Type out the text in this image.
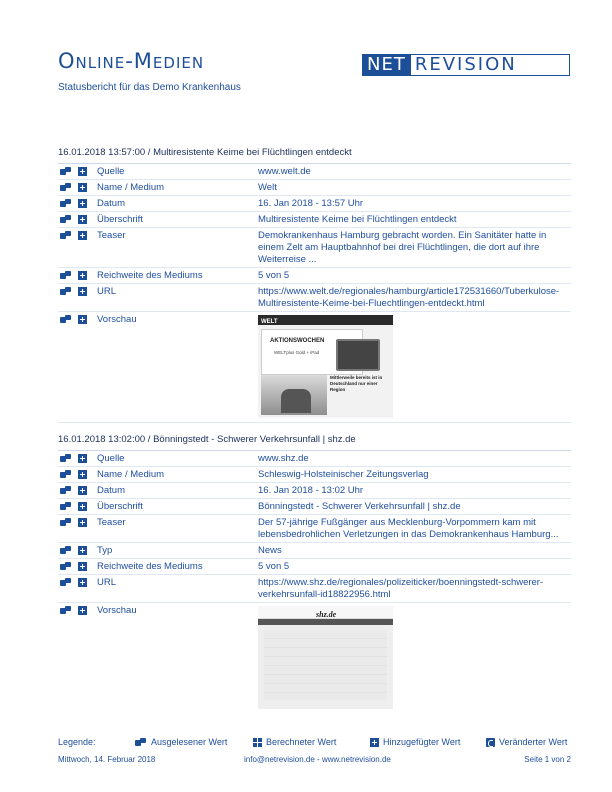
Online-Medien
Statusbericht für das Demo Krankenhaus
NET REVISION
16.01.2018 13:57:00 / Multiresistente Keime bei Flüchtlingen entdeckt
Quelle	www.welt.de
Name / Medium	Welt
Datum	16. Jan 2018 - 13:57 Uhr
Überschrift	Multiresistente Keime bei Flüchtlingen entdeckt
Teaser	Demokrankenhaus Hamburg gebracht worden. Ein Sanitäter hatte in einem Zelt am Hauptbahnhof bei drei Flüchtlingen, die dort auf ihre Weiterreise ...
Reichweite des Mediums	5 von 5
URL	https://www.welt.de/regionales/hamburg/article172531660/Tuberkulose-Multiresistente-Keime-bei-Fluechtlingen-entdeckt.html
Vorschau	WELT
AKTIONSWOCHEN
WELTplus Gold + iPad
Mittlerweile bereits ist in Deutschland nur einer Region
16.01.2018 13:02:00 / Bönningstedt - Schwerer Verkehrsunfall | shz.de
Quelle	www.shz.de
Name / Medium	Schleswig-Holsteinischer Zeitungsverlag
Datum	16. Jan 2018 - 13:02 Uhr
Überschrift	Bönningstedt - Schwerer Verkehrsunfall | shz.de
Teaser	Der 57-jährige Fußgänger aus Mecklenburg-Vorpommern kam mit lebensbedrohlichen Verletzungen in das Demokrankenhaus Hamburg...
Typ	News
Reichweite des Mediums	5 von 5
URL	https://www.shz.de/regionales/polizeiticker/boenningstedt-schwerer-verkehrsunfall-id18822956.html
Vorschau	shz.de
Legende:	Ausgelesener Wert	Berechneter Wert	Hinzugefügter Wert	Veränderter Wert
Mittwoch, 14. Februar 2018	info@netrevision.de - www.netrevision.de	Seite 1 von 2
